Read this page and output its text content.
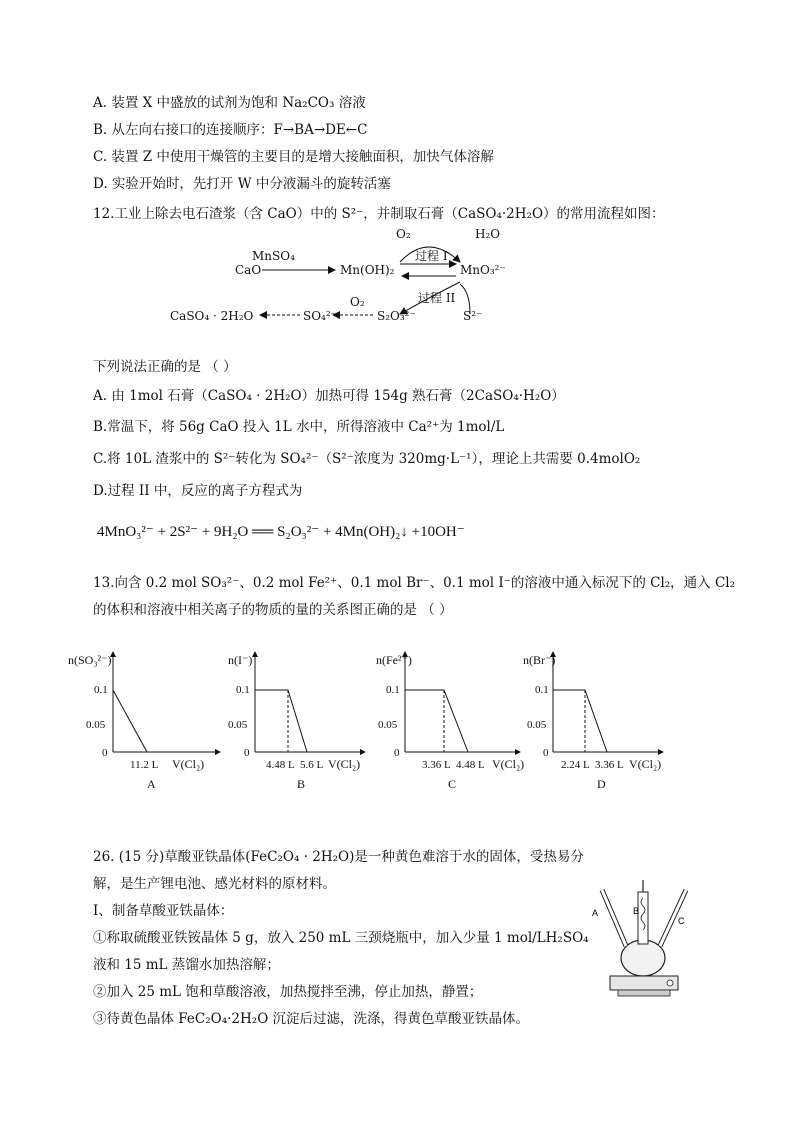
A. 装置 X 中盛放的试剂为饱和 Na₂CO₃ 溶液
B. 从左向右接口的连接顺序：F→BA→DE←C
C. 装置 Z 中使用干燥管的主要目的是增大接触面积，加快气体溶解
D. 实验开始时，先打开 W 中分液漏斗的旋转活塞
12.工业上除去电石渣浆（含 CaO）中的 S²⁻，并制取石膏（CaSO₄·2H₂O）的常用流程如图：
O₂	H₂O
过程 I
MnSO₄
CaO	Mn(OH)₂	MnO₃²⁻
过程 II
S²⁻
S₂O₃²⁻
O₂
SO₄²⁻
CaSO₄ · 2H₂O
下列说法正确的是 （ ）
A. 由 1mol 石膏（CaSO₄ · 2H₂O）加热可得 154g 熟石膏（2CaSO₄·H₂O）
B.常温下，将 56g CaO 投入 1L 水中，所得溶液中 Ca²⁺为 1mol/L
C.将 10L 渣浆中的 S²⁻转化为 SO₄²⁻（S²⁻浓度为 320mg·L⁻¹），理论上共需要 0.4molO₂
D.过程 II 中，反应的离子方程式为
4MnO₃²⁻ + 2S²⁻ + 9H₂O ══ S₂O₃²⁻ + 4Mn(OH)₂↓ +10OH⁻
13.向含 0.2 mol SO₃²⁻、0.2 mol Fe²⁺、0.1 mol Br⁻、0.1 mol I⁻的溶液中通入标况下的 Cl₂，通入 Cl₂
的体积和溶液中相关离子的物质的量的关系图正确的是 （ ）
n(SO₃²⁻)
0.1
0.05
0
11.2 L V(Cl₂)
A
n(I⁻)
0.1
0.05
0
4.48 L 5.6 L V(Cl₂)
B
n(Fe²⁺)
0.1
0.05
0
3.36 L 4.48 L V(Cl₂)
C
n(Br⁻)
0.1
0.05
0
2.24 L 3.36 L V(Cl₂)
D
26. (15 分)草酸亚铁晶体(FeC₂O₄ · 2H₂O)是一种黄色难溶于水的固体，受热易分
解，是生产锂电池、感光材料的原材料。
I、制备草酸亚铁晶体：
①称取硫酸亚铁铵晶体 5 g，放入 250 mL 三颈烧瓶中，加入少量 1 mol/LH₂SO₄
液和 15 mL 蒸馏水加热溶解；
②加入 25 mL 饱和草酸溶液，加热搅拌至沸，停止加热，静置；
③待黄色晶体 FeC₂O₄·2H₂O 沉淀后过滤，洗涤，得黄色草酸亚铁晶体。
A	B
C
